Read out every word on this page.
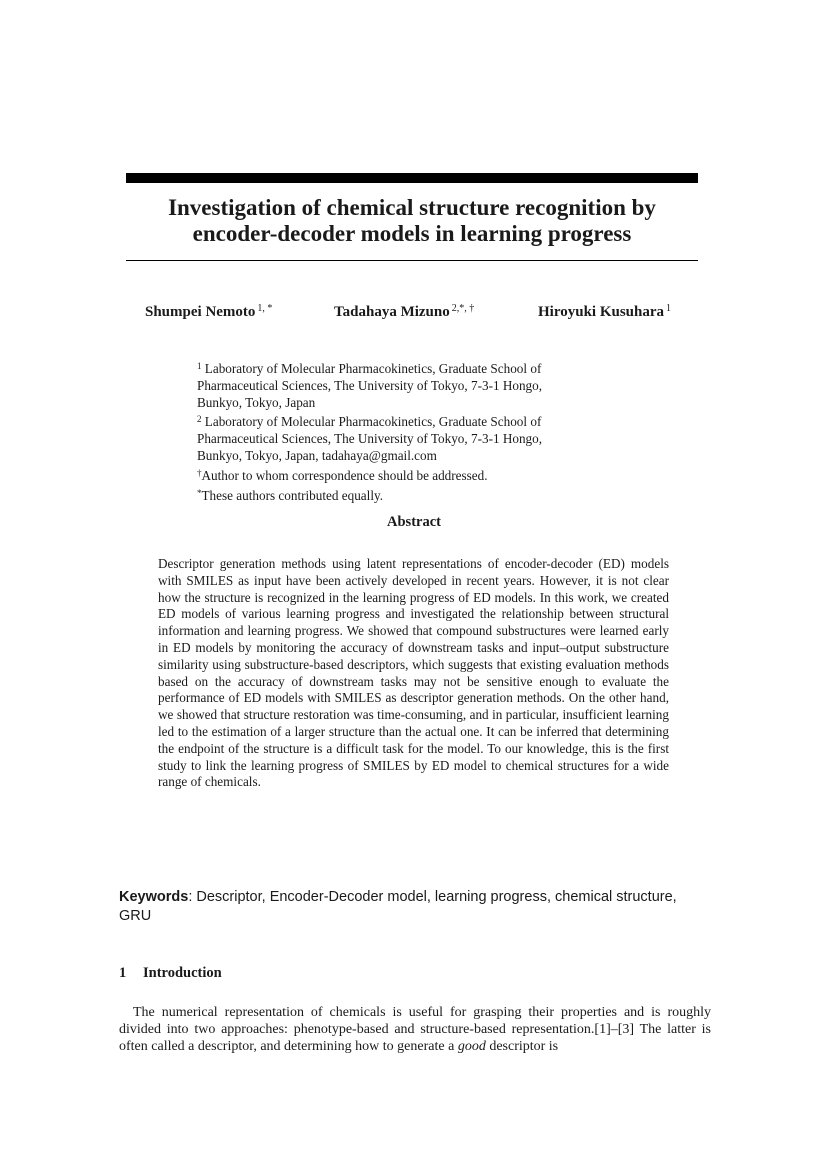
Investigation of chemical structure recognition by
encoder-decoder models in learning progress
Shumpei Nemoto $^{1, *}$	Tadahaya Mizuno $^{2,*, \dagger}$	Hiroyuki Kusuhara $^1$
$^1$ Laboratory of Molecular Pharmacokinetics, Graduate School of
Pharmaceutical Sciences, The University of Tokyo, 7-3-1 Hongo,
Bunkyo, Tokyo, Japan
$^2$ Laboratory of Molecular Pharmacokinetics, Graduate School of
Pharmaceutical Sciences, The University of Tokyo, 7-3-1 Hongo,
Bunkyo, Tokyo, Japan, tadahaya@gmail.com
†Author to whom correspondence should be addressed.
*These authors contributed equally.
Abstract
Descriptor generation methods using latent representations of encoder-decoder (ED) models with SMILES as input have been actively developed in recent years. However, it is not clear how the structure is recognized in the learning progress of ED models. In this work, we created ED models of various learning progress and investigated the relationship between structural information and learning progress. We showed that compound substructures were learned early in ED models by monitoring the accuracy of downstream tasks and input–output substructure similarity using substructure-based descriptors, which suggests that existing evaluation methods based on the accuracy of downstream tasks may not be sensitive enough to evaluate the performance of ED models with SMILES as descriptor generation methods. On the other hand, we showed that structure restoration was time-consuming, and in particular, insufficient learning led to the estimation of a larger structure than the actual one. It can be inferred that determining the endpoint of the structure is a difficult task for the model. To our knowledge, this is the first study to link the learning progress of SMILES by ED model to chemical structures for a wide range of chemicals.
Keywords: Descriptor, Encoder-Decoder model, learning progress, chemical structure, GRU
1 Introduction
The numerical representation of chemicals is useful for grasping their properties and is roughly divided into two approaches: phenotype-based and structure-based representation.[1]–[3] The latter is often called a descriptor, and determining how to generate a good descriptor is
